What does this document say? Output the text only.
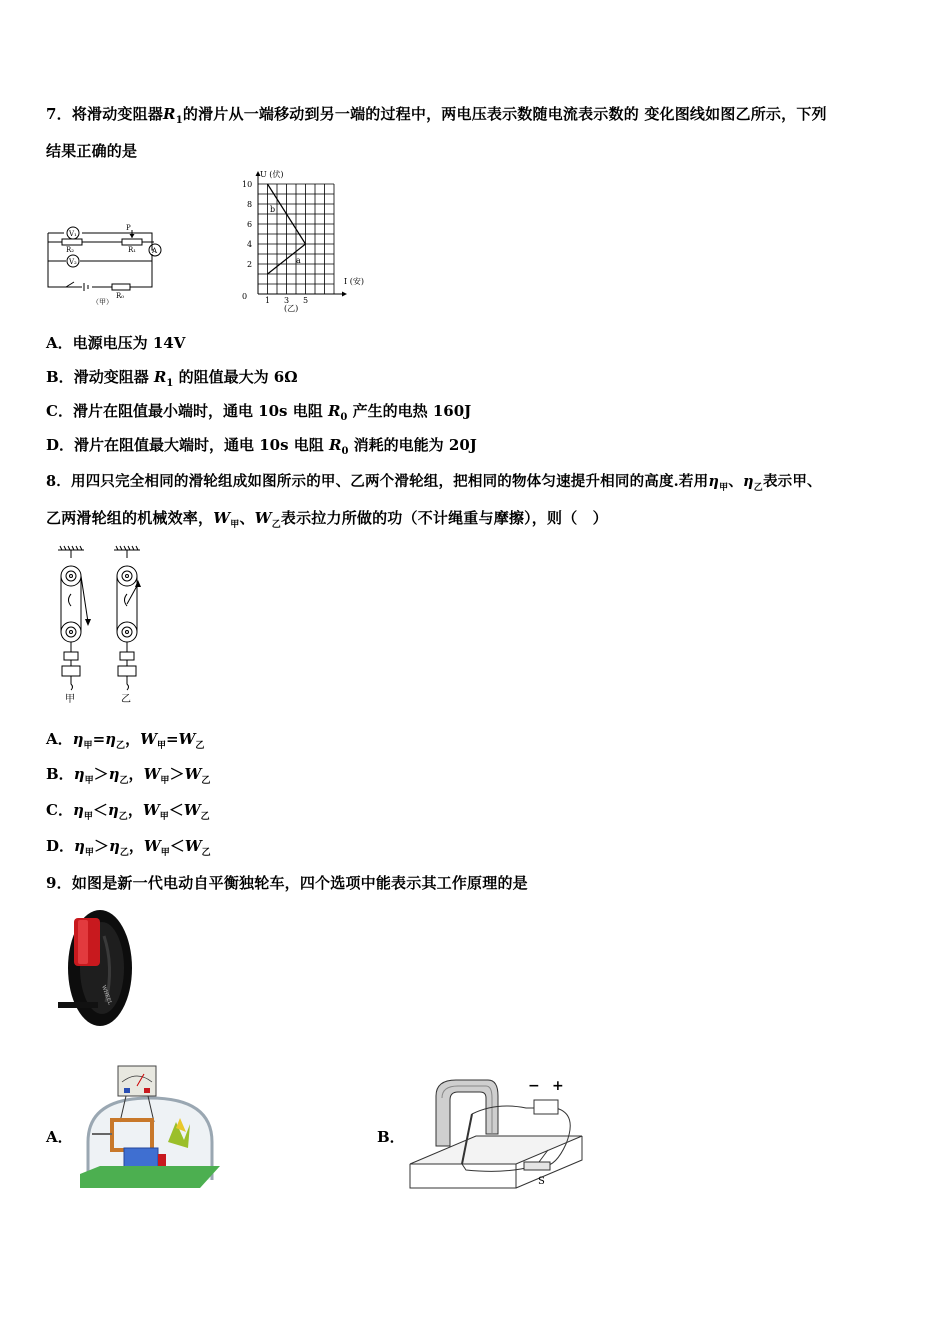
7．将滑动变阻器$R_1$的滑片从一端移动到另一端的过程中，两电压表示数随电流表示数的 变化图线如图乙所示，下列
结果正确的是
V₁
V₂
A
R₂
P
R₁
R₀
（甲）
U (伏)
I (安)
10
8
6
4
2
0 1 3 5
(乙)
b
a
A．电源电压为 14V
B．滑动变阻器 $R_1$ 的阻值最大为 6Ω
C．滑片在阻值最小端时，通电 10s 电阻 $R_0$ 产生的电热 160J
D．滑片在阻值最大端时，通电 10s 电阻 $R_0$ 消耗的电能为 20J
8．用四只完全相同的滑轮组成如图所示的甲、乙两个滑轮组，把相同的物体匀速提升相同的高度.若用$\eta_甲$、$\eta_乙$表示甲、
乙两滑轮组的机械效率，$W_甲$、$W_乙$表示拉力所做的功（不计绳重与摩擦），则（　）
甲	乙
A．$\eta_甲=\eta_乙$，$W_甲=W_乙$
B．$\eta_甲>\eta_乙$，$W_甲>W_乙$
C．$\eta_甲<\eta_乙$，$W_甲<W_乙$
D．$\eta_甲>\eta_乙$，$W_甲<W_乙$
9．如图是新一代电动自平衡独轮车，四个选项中能表示其工作原理的是
WHEEL
A．	B．
− +
S
